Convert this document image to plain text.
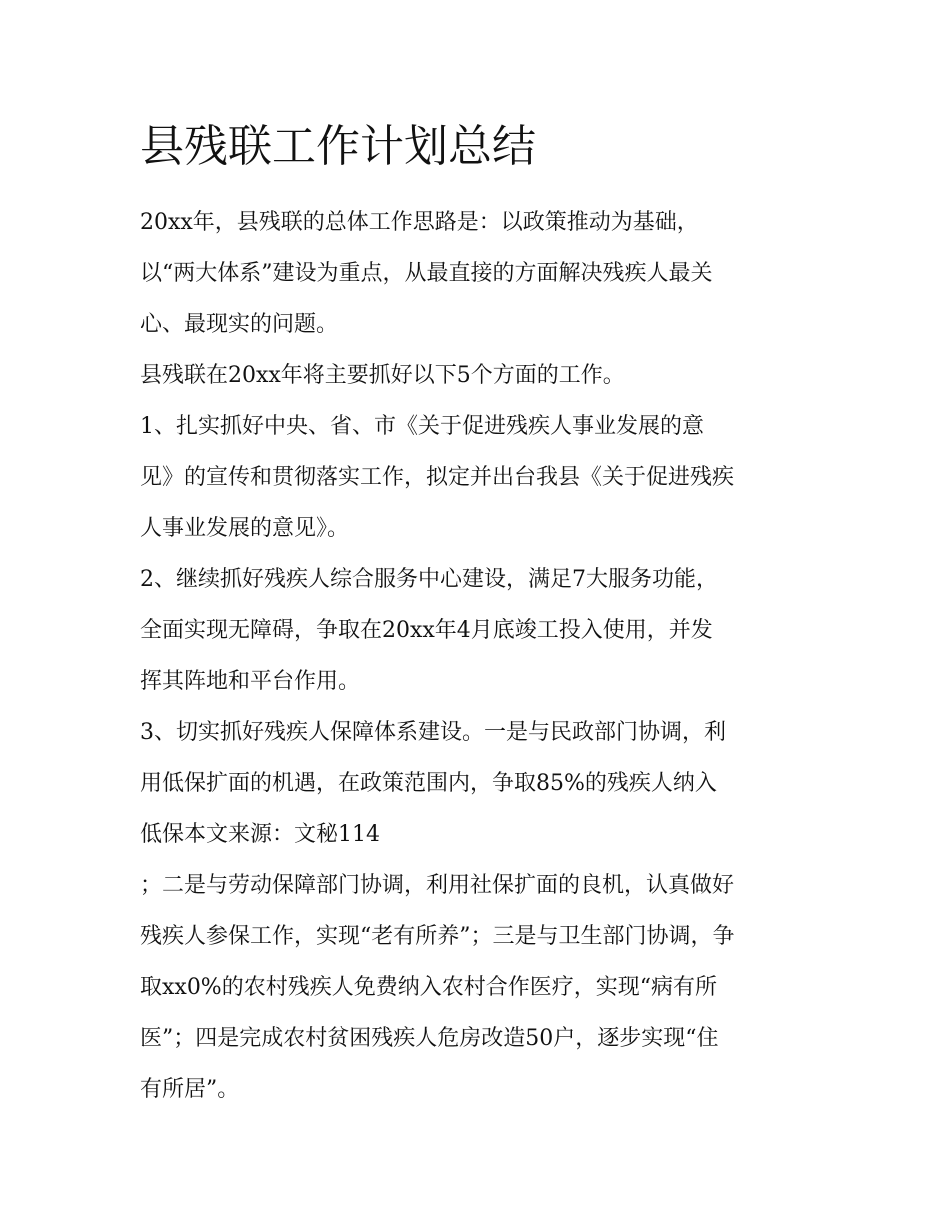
县残联工作计划总结
20xx年，县残联的总体工作思路是：以政策推动为基础，
以“两大体系”建设为重点，从最直接的方面解决残疾人最关
心、最现实的问题。
县残联在20xx年将主要抓好以下5个方面的工作。
1、扎实抓好中央、省、市《关于促进残疾人事业发展的意
见》的宣传和贯彻落实工作，拟定并出台我县《关于促进残疾
人事业发展的意见》。
2、继续抓好残疾人综合服务中心建设，满足7大服务功能，
全面实现无障碍，争取在20xx年4月底竣工投入使用，并发
挥其阵地和平台作用。
3、切实抓好残疾人保障体系建设。一是与民政部门协调，利
用低保扩面的机遇，在政策范围内，争取85%的残疾人纳入
低保本文来源：文秘114
；二是与劳动保障部门协调，利用社保扩面的良机，认真做好
残疾人参保工作，实现“老有所养”；三是与卫生部门协调，争
取xx0%的农村残疾人免费纳入农村合作医疗，实现“病有所
医”；四是完成农村贫困残疾人危房改造50户，逐步实现“住
有所居”。
